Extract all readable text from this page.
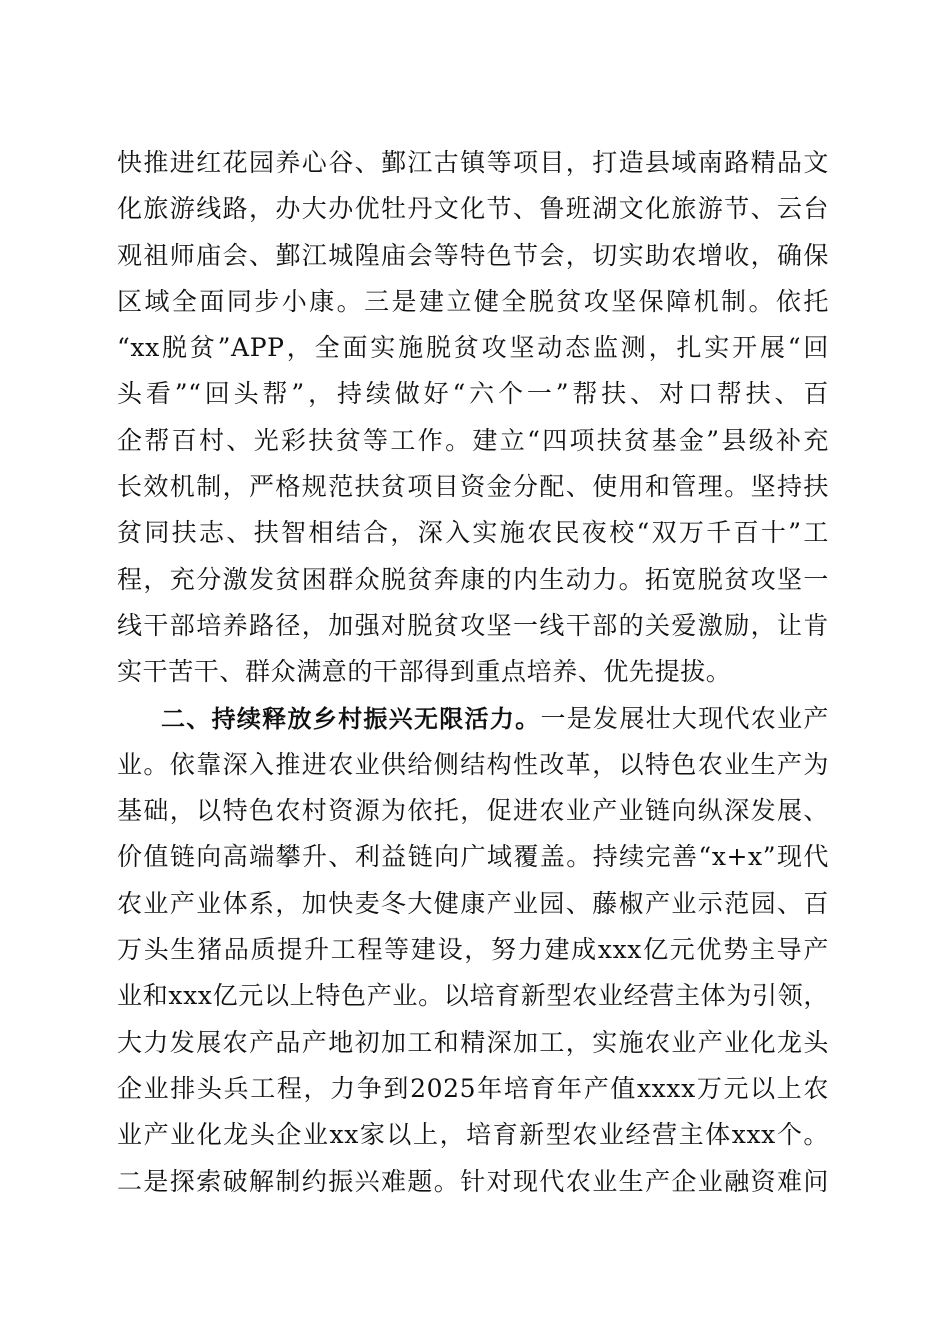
快推进红花园养心谷、鄞江古镇等项目，打造县域南路精品文
化旅游线路，办大办优牡丹文化节、鲁班湖文化旅游节、云台
观祖师庙会、鄞江城隍庙会等特色节会，切实助农增收，确保
区域全面同步小康。三是建立健全脱贫攻坚保障机制。依托
“xx脱贫”APP，全面实施脱贫攻坚动态监测，扎实开展“回
头看”“回头帮”，持续做好“六个一”帮扶、对口帮扶、百
企帮百村、光彩扶贫等工作。建立“四项扶贫基金”县级补充
长效机制，严格规范扶贫项目资金分配、使用和管理。坚持扶
贫同扶志、扶智相结合，深入实施农民夜校“双万千百十”工
程，充分激发贫困群众脱贫奔康的内生动力。拓宽脱贫攻坚一
线干部培养路径，加强对脱贫攻坚一线干部的关爱激励，让肯
实干苦干、群众满意的干部得到重点培养、优先提拔。
二、持续释放乡村振兴无限活力。一是发展壮大现代农业产
业。依靠深入推进农业供给侧结构性改革，以特色农业生产为
基础，以特色农村资源为依托，促进农业产业链向纵深发展、
价值链向高端攀升、利益链向广域覆盖。持续完善“x+x”现代
农业产业体系，加快麦冬大健康产业园、藤椒产业示范园、百
万头生猪品质提升工程等建设，努力建成xxx亿元优势主导产
业和xxx亿元以上特色产业。以培育新型农业经营主体为引领，
大力发展农产品产地初加工和精深加工，实施农业产业化龙头
企业排头兵工程，力争到2025年培育年产值xxxx万元以上农
业产业化龙头企业xx家以上，培育新型农业经营主体xxx个。
二是探索破解制约振兴难题。针对现代农业生产企业融资难问
